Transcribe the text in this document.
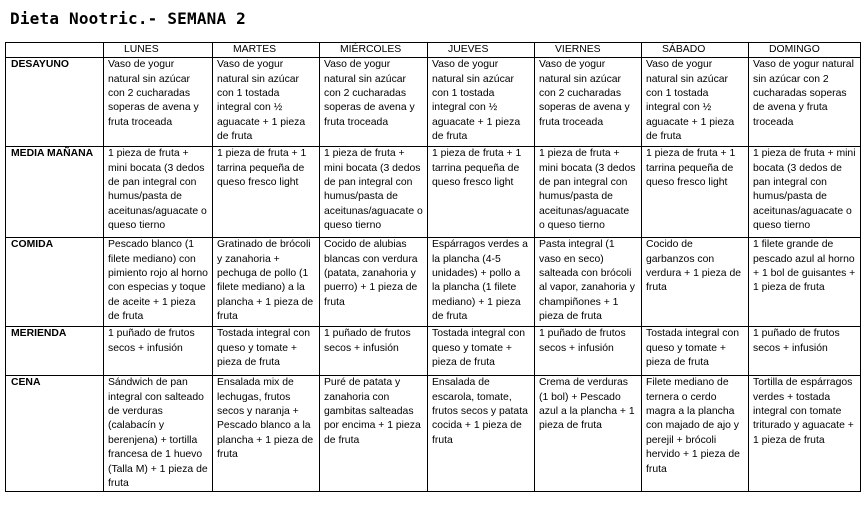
Dieta Nootric.- SEMANA 2
	LUNES	MARTES	MIÉRCOLES	JUEVES	VIERNES	SÁBADO	DOMINGO
DESAYUNO	Vaso de yogur natural sin azúcar con 2 cucharadas soperas de avena y fruta troceada	Vaso de yogur natural sin azúcar con 1 tostada integral con ½ aguacate + 1 pieza de fruta	Vaso de yogur natural sin azúcar con 2 cucharadas soperas de avena y fruta troceada	Vaso de yogur natural sin azúcar con 1 tostada integral con ½ aguacate + 1 pieza de fruta	Vaso de yogur natural sin azúcar con 2 cucharadas soperas de avena y fruta troceada	Vaso de yogur natural sin azúcar con 1 tostada integral con ½ aguacate + 1 pieza de fruta	Vaso de yogur natural sin azúcar con 2 cucharadas soperas de avena y fruta troceada
MEDIA MAÑANA	1 pieza de fruta + mini bocata (3 dedos de pan integral con humus/pasta de aceitunas/aguacate o queso tierno	1 pieza de fruta + 1 tarrina pequeña de queso fresco light	1 pieza de fruta + mini bocata (3 dedos de pan integral con humus/pasta de aceitunas/aguacate o queso tierno	1 pieza de fruta + 1 tarrina pequeña de queso fresco light	1 pieza de fruta + mini bocata (3 dedos de pan integral con humus/pasta de aceitunas/aguacate o queso tierno	1 pieza de fruta + 1 tarrina pequeña de queso fresco light	1 pieza de fruta + mini bocata (3 dedos de pan integral con humus/pasta de aceitunas/aguacate o queso tierno
COMIDA	Pescado blanco (1 filete mediano) con pimiento rojo al horno con especias y toque de aceite + 1 pieza de fruta	Gratinado de brócoli y zanahoria + pechuga de pollo (1 filete mediano) a la plancha + 1 pieza de fruta	Cocido de alubias blancas con verdura (patata, zanahoria y puerro) + 1 pieza de fruta	Espárragos verdes a la plancha (4-5 unidades) + pollo a la plancha (1 filete mediano) + 1 pieza de fruta	Pasta integral (1 vaso en seco) salteada con brócoli al vapor, zanahoria y champiñones + 1 pieza de fruta	Cocido de garbanzos con verdura + 1 pieza de fruta	1 filete grande de pescado azul al horno + 1 bol de guisantes + 1 pieza de fruta
MERIENDA	1 puñado de frutos secos + infusión	Tostada integral con queso y tomate + pieza de fruta	1 puñado de frutos secos + infusión	Tostada integral con queso y tomate + pieza de fruta	1 puñado de frutos secos + infusión	Tostada integral con queso y tomate + pieza de fruta	1 puñado de frutos secos + infusión
CENA	Sándwich de pan integral con salteado de verduras (calabacín y berenjena) + tortilla francesa de 1 huevo (Talla M) + 1 pieza de fruta	Ensalada mix de lechugas, frutos secos y naranja + Pescado blanco a la plancha + 1 pieza de fruta	Puré de patata y zanahoria con gambitas salteadas por encima + 1 pieza de fruta	Ensalada de escarola, tomate, frutos secos y patata cocida + 1 pieza de fruta	Crema de verduras (1 bol) + Pescado azul a la plancha + 1 pieza de fruta	Filete mediano de ternera o cerdo magra a la plancha con majado de ajo y perejil + brócoli hervido + 1 pieza de fruta	Tortilla de espárragos verdes + tostada integral con tomate triturado y aguacate + 1 pieza de fruta
